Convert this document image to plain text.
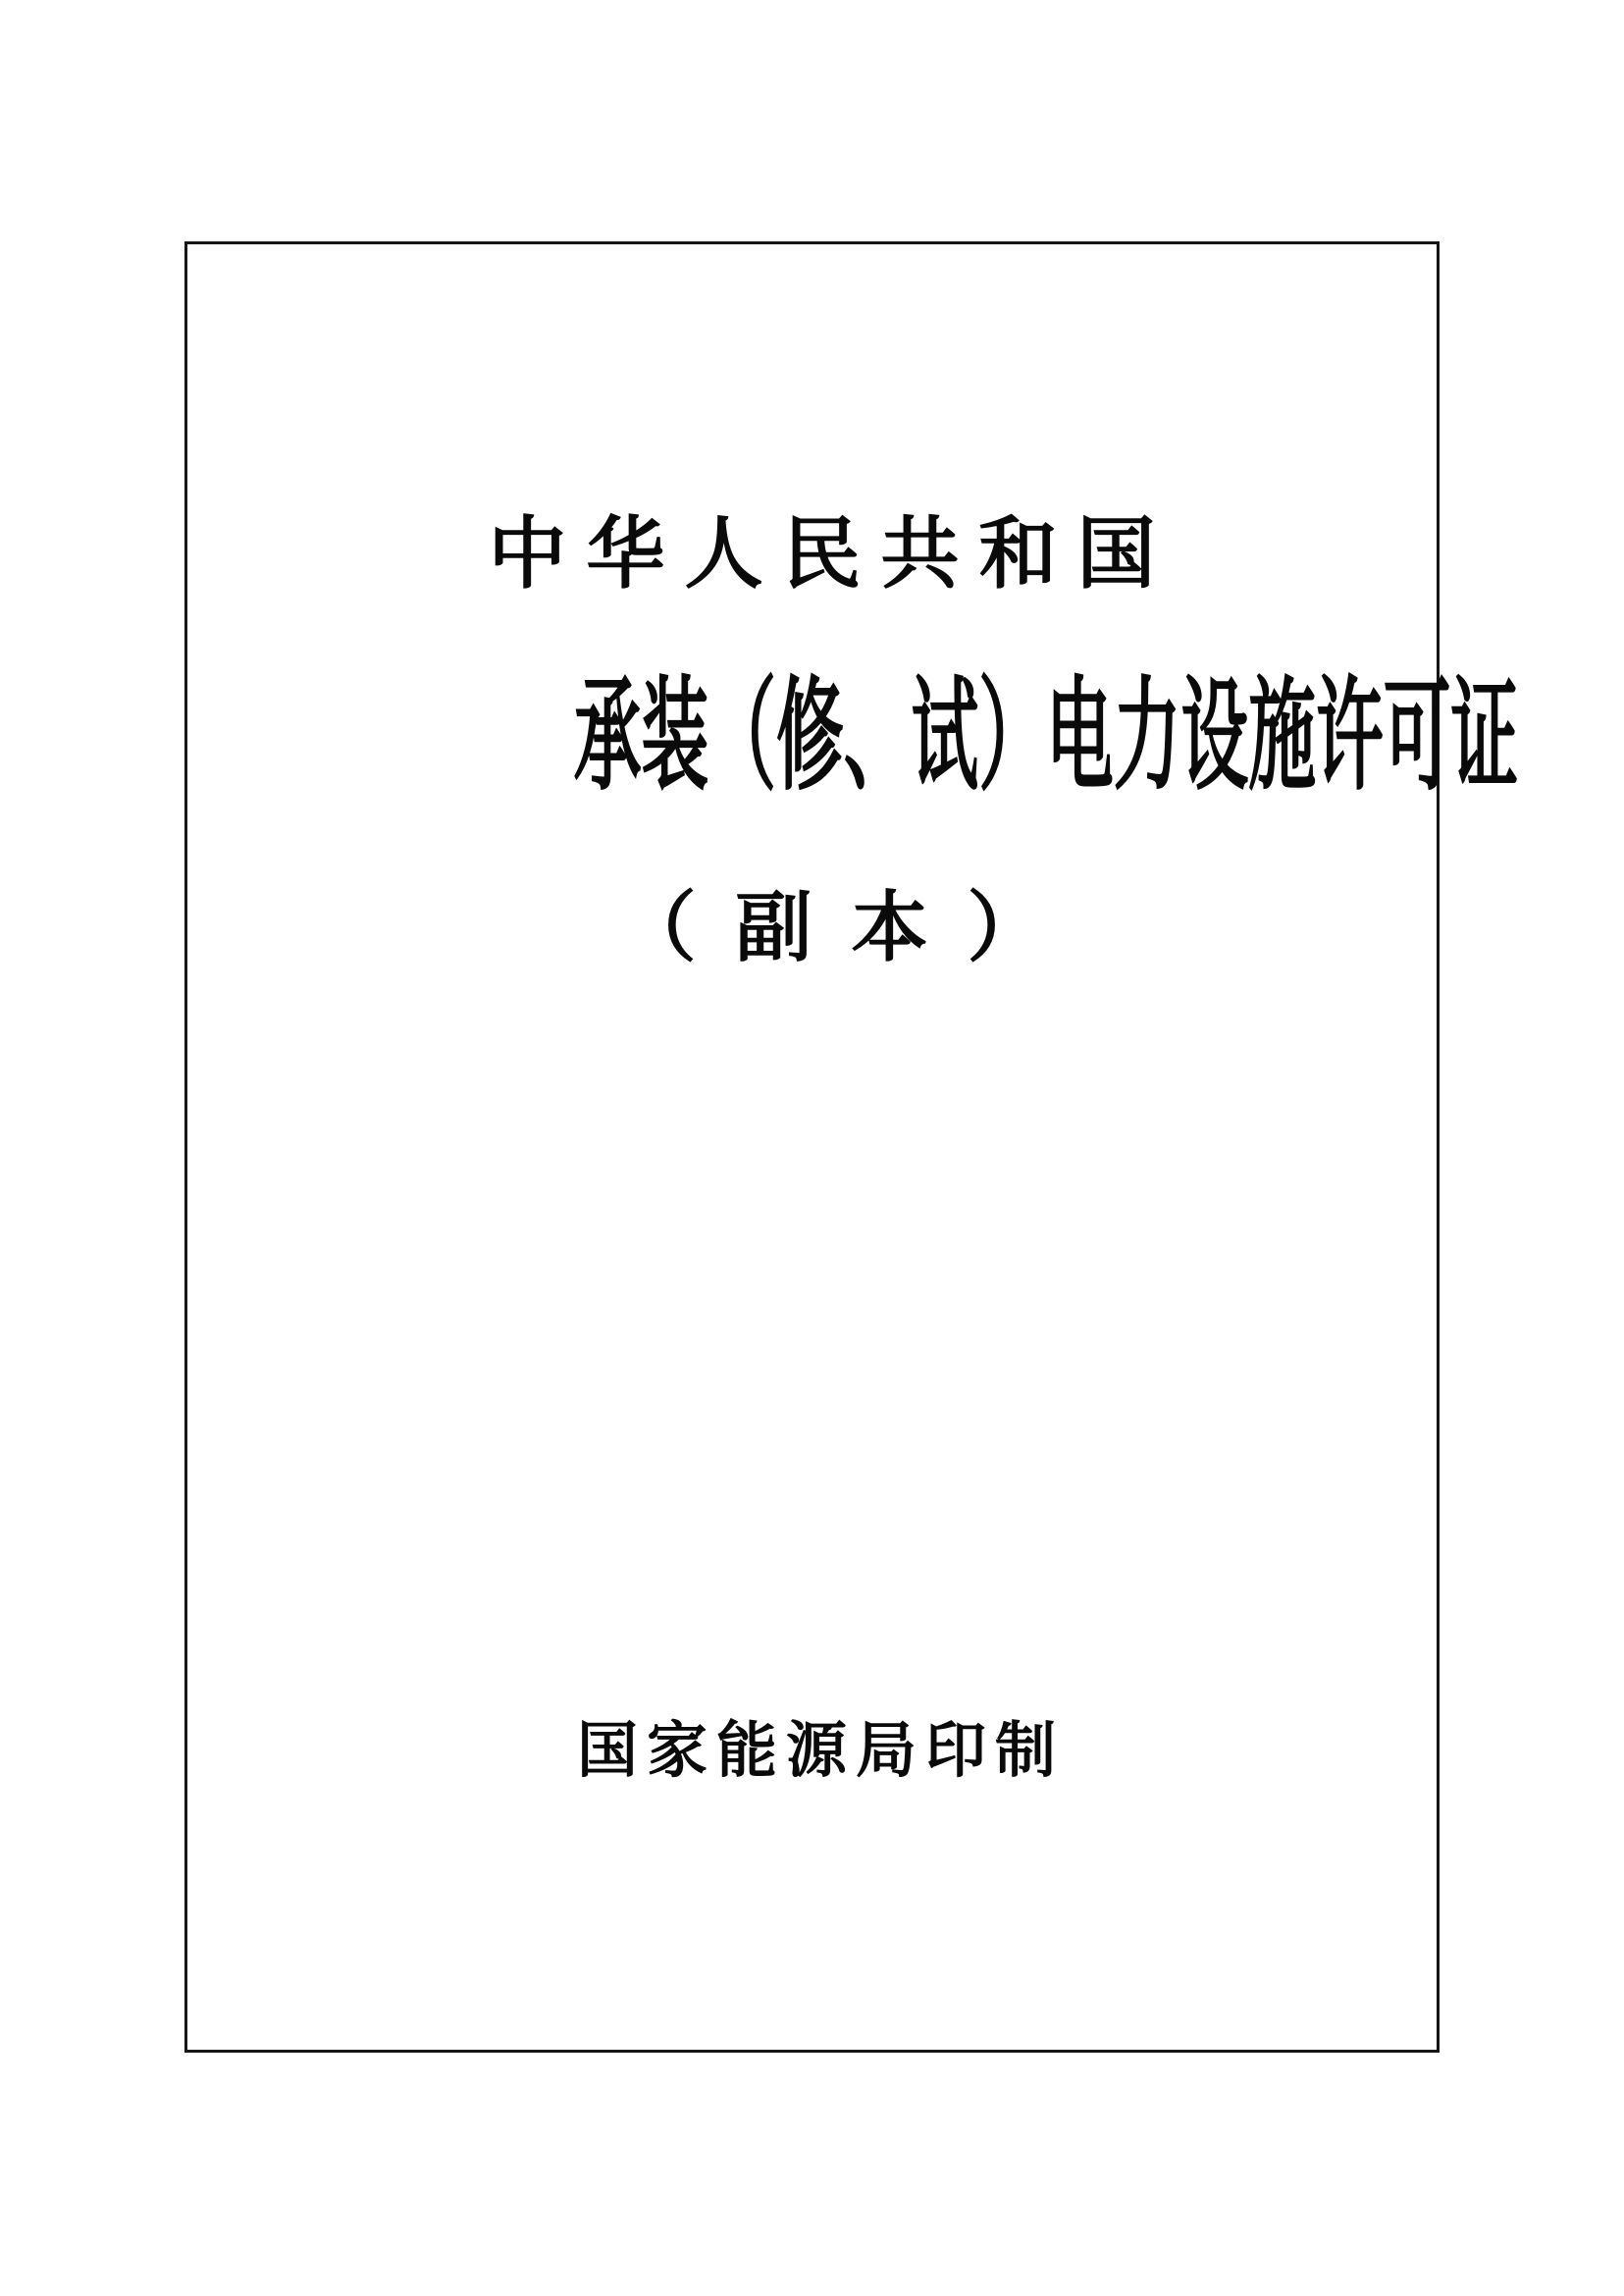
中华人民共和国
承装（修、试）电力设施许可证
（副本）
国家能源局印制
